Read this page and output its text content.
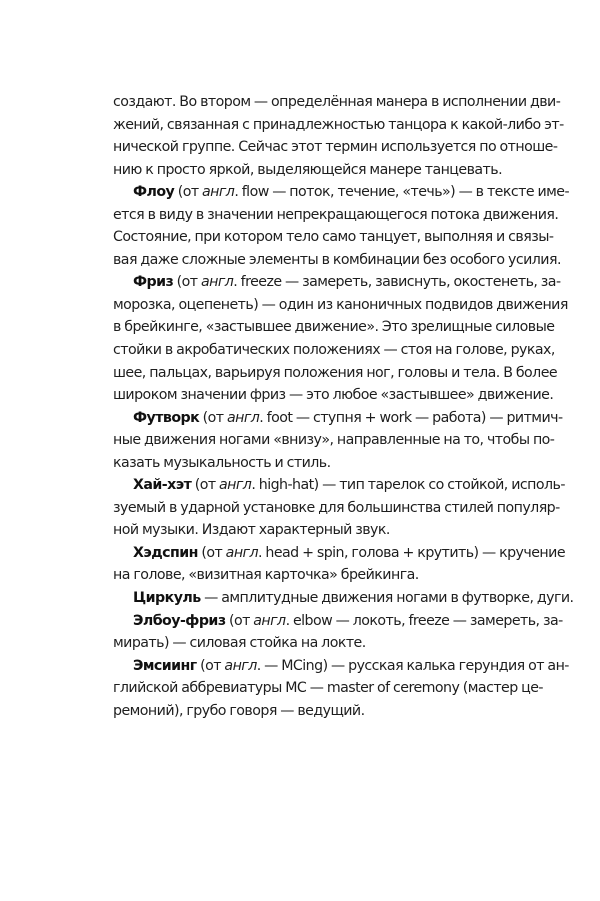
создают. Во втором — определённая манера в исполнении дви-
жений, связанная с принадлежностью танцора к какой-либо эт-
нической группе. Сейчас этот термин используется по отноше-
нию к просто яркой, выделяющейся манере танцевать.
Флоу (от англ. flow — поток, течение, «течь») — в тексте име-
ется в виду в значении непрекращающегося потока движения.
Состояние, при котором тело само танцует, выполняя и связы-
вая даже сложные элементы в комбинации без особого усилия.
Фриз (от англ. freeze — замереть, зависнуть, окостенеть, за-
морозка, оцепенеть) — один из каноничных подвидов движения
в брейкинге, «застывшее движение». Это зрелищные силовые
стойки в акробатических положениях — стоя на голове, руках,
шее, пальцах, варьируя положения ног, головы и тела. В более
широком значении фриз — это любое «застывшее» движение.
Футворк (от англ. foot — ступня + work — работа) — ритмич-
ные движения ногами «внизу», направленные на то, чтобы по-
казать музыкальность и стиль.
Хай-хэт (от англ. high-hat) — тип тарелок со стойкой, исполь-
зуемый в ударной установке для большинства стилей популяр-
ной музыки. Издают характерный звук.
Хэдспин (от англ. head + spin, голова + крутить) — кручение
на голове, «визитная карточка» брейкинга.
Циркуль — амплитудные движения ногами в футворке, дуги.
Элбоу-фриз (от англ. elbow — локоть, freeze — замереть, за-
мирать) — силовая стойка на локте.
Эмсиинг (от англ. — MCing) — русская калька герундия от ан-
глийской аббревиатуры MC — master of ceremony (мастер це-
ремоний), грубо говоря — ведущий.
